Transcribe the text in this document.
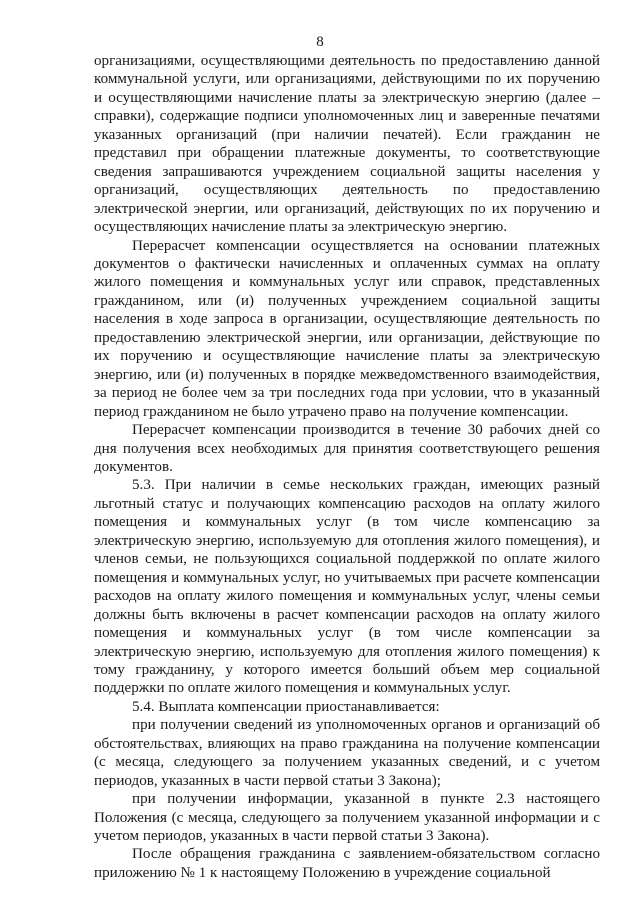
8

организациями, осуществляющими деятельность по предоставлению данной коммунальной услуги, или организациями, действующими по их поручению и осуществляющими начисление платы за электрическую энергию (далее – справки), содержащие подписи уполномоченных лиц и заверенные печатями указанных организаций (при наличии печатей). Если гражданин не представил при обращении платежные документы, то соответствующие сведения запрашиваются учреждением социальной защиты населения у организаций, осуществляющих деятельность по предоставлению электрической энергии, или организаций, действующих по их поручению и осуществляющих начисление платы за электрическую энергию.

Перерасчет компенсации осуществляется на основании платежных документов о фактически начисленных и оплаченных суммах на оплату жилого помещения и коммунальных услуг или справок, представленных гражданином, или (и) полученных учреждением социальной защиты населения в ходе запроса в организации, осуществляющие деятельность по предоставлению электрической энергии, или организации, действующие по их поручению и осуществляющие начисление платы за электрическую энергию, или (и) полученных в порядке межведомственного взаимодействия, за период не более чем за три последних года при условии, что в указанный период гражданином не было утрачено право на получение компенсации.

Перерасчет компенсации производится в течение 30 рабочих дней со дня получения всех необходимых для принятия соответствующего решения документов.

5.3. При наличии в семье нескольких граждан, имеющих разный льготный статус и получающих компенсацию расходов на оплату жилого помещения и коммунальных услуг (в том числе компенсацию за электрическую энергию, используемую для отопления жилого помещения), и членов семьи, не пользующихся социальной поддержкой по оплате жилого помещения и коммунальных услуг, но учитываемых при расчете компенсации расходов на оплату жилого помещения и коммунальных услуг, члены семьи должны быть включены в расчет компенсации расходов на оплату жилого помещения и коммунальных услуг (в том числе компенсации за электрическую энергию, используемую для отопления жилого помещения) к тому гражданину, у которого имеется больший объем мер социальной поддержки по оплате жилого помещения и коммунальных услуг.

5.4. Выплата компенсации приостанавливается:

при получении сведений из уполномоченных органов и организаций об обстоятельствах, влияющих на право гражданина на получение компенсации (с месяца, следующего за получением указанных сведений, и с учетом периодов, указанных в части первой статьи 3 Закона);

при получении информации, указанной в пункте 2.3 настоящего Положения (с месяца, следующего за получением указанной информации и с учетом периодов, указанных в части первой статьи 3 Закона).

После обращения гражданина с заявлением-обязательством согласно приложению № 1 к настоящему Положению в учреждение социальной
